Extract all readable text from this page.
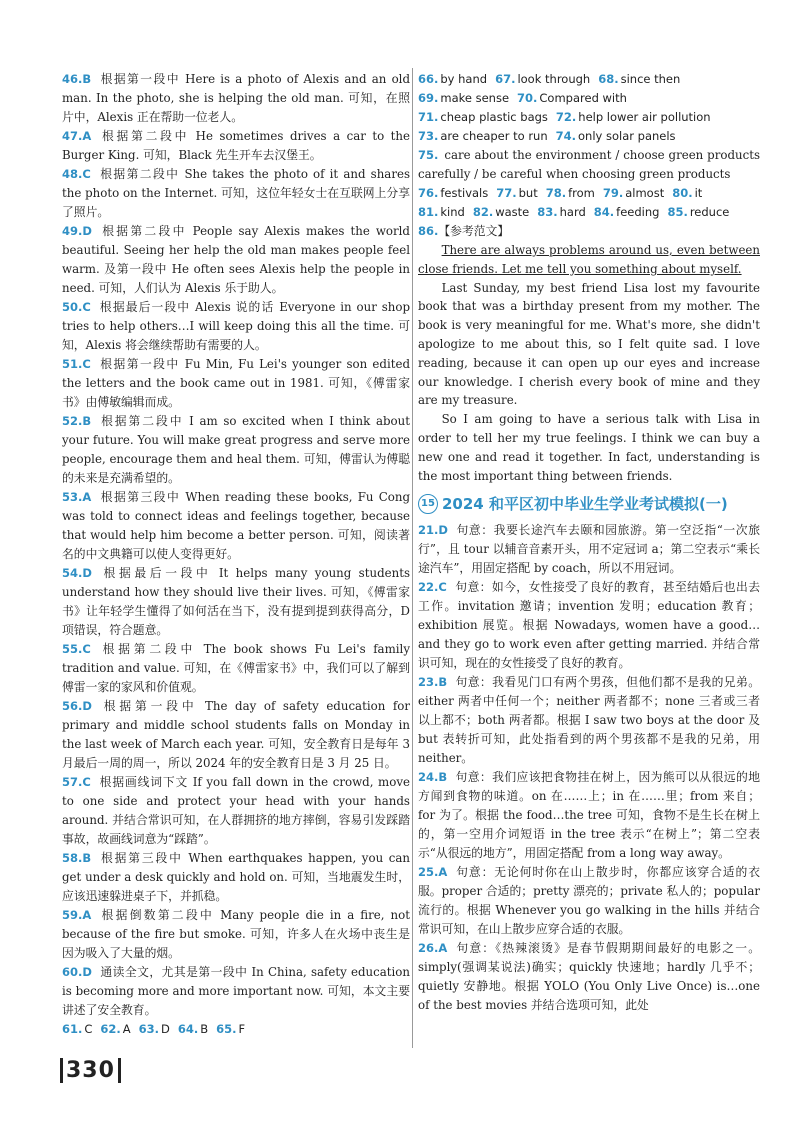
46.B 根据第一段中 Here is a photo of Alexis and an old man. In the photo, she is helping the old man. 可知，在照片中，Alexis 正在帮助一位老人。

47.A 根据第二段中 He sometimes drives a car to the Burger King. 可知，Black 先生开车去汉堡王。

48.C 根据第二段中 She takes the photo of it and shares the photo on the Internet. 可知，这位年轻女士在互联网上分享了照片。

49.D 根据第二段中 People say Alexis makes the world beautiful. Seeing her help the old man makes people feel warm. 及第一段中 He often sees Alexis help the people in need. 可知，人们认为 Alexis 乐于助人。

50.C 根据最后一段中 Alexis 说的话 Everyone in our shop tries to help others…I will keep doing this all the time. 可知，Alexis 将会继续帮助有需要的人。

51.C 根据第一段中 Fu Min, Fu Lei's younger son edited the letters and the book came out in 1981. 可知，《傅雷家书》由傅敏编辑而成。

52.B 根据第二段中 I am so excited when I think about your future. You will make great progress and serve more people, encourage them and heal them. 可知，傅雷认为傅聪的未来是充满希望的。

53.A 根据第三段中 When reading these books, Fu Cong was told to connect ideas and feelings together, because that would help him become a better person. 可知，阅读著名的中文典籍可以使人变得更好。

54.D 根据最后一段中 It helps many young students understand how they should live their lives. 可知，《傅雷家书》让年轻学生懂得了如何活在当下，没有提到提到获得高分，D项错误，符合题意。

55.C 根据第二段中 The book shows Fu Lei's family tradition and value. 可知，在《傅雷家书》中，我们可以了解到傅雷一家的家风和价值观。

56.D 根据第一段中 The day of safety education for primary and middle school students falls on Monday in the last week of March each year. 可知，安全教育日是每年 3 月最后一周的周一，所以 2024 年的安全教育日是 3 月 25 日。

57.C 根据画线词下文 If you fall down in the crowd, move to one side and protect your head with your hands around. 并结合常识可知，在人群拥挤的地方摔倒，容易引发踩踏事故，故画线词意为“踩踏”。

58.B 根据第三段中 When earthquakes happen, you can get under a desk quickly and hold on. 可知，当地震发生时，应该迅速躲进桌子下，并抓稳。

59.A 根据倒数第二段中 Many people die in a fire, not because of the fire but smoke. 可知，许多人在火场中丧生是因为吸入了大量的烟。

60.D 通读全文，尤其是第一段中 In China, safety education is becoming more and more important now. 可知，本文主要讲述了安全教育。

61. C 62. A 63. D 64. B 65. F

66. by hand 67. look through 68. since then

69. make sense 70. Compared with

71. cheap plastic bags 72. help lower air pollution

73. are cheaper to run 74. only solar panels

75. care about the environment / choose green products carefully / be careful when choosing green products

76. festivals 77. but 78. from 79. almost 80. it

81. kind 82. waste 83. hard 84. feeding 85. reduce

86.【参考范文】

There are always problems around us, even between close friends. Let me tell you something about myself.

Last Sunday, my best friend Lisa lost my favourite book that was a birthday present from my mother. The book is very meaningful for me. What's more, she didn't apologize to me about this, so I felt quite sad. I love reading, because it can open up our eyes and increase our knowledge. I cherish every book of mine and they are my treasure.

So I am going to have a serious talk with Lisa in order to tell her my true feelings. I think we can buy a new one and read it together. In fact, understanding is the most important thing between friends.

15 2024 和平区初中毕业生学业考试模拟(一)

21.D 句意：我要长途汽车去颐和园旅游。第一空泛指“一次旅行”，且 tour 以辅音音素开头，用不定冠词 a；第二空表示“乘长途汽车”，用固定搭配 by coach，所以不用冠词。

22.C 句意：如今，女性接受了良好的教育，甚至结婚后也出去工作。invitation 邀请；invention 发明；education 教育；exhibition 展览。根据 Nowadays, women have a good…and they go to work even after getting married. 并结合常识可知，现在的女性接受了良好的教育。

23.B 句意：我看见门口有两个男孩，但他们都不是我的兄弟。either 两者中任何一个；neither 两者都不；none 三者或三者以上都不；both 两者都。根据 I saw two boys at the door 及 but 表转折可知，此处指看到的两个男孩都不是我的兄弟，用 neither。

24.B 句意：我们应该把食物挂在树上，因为熊可以从很远的地方闻到食物的味道。on 在……上；in 在……里；from 来自；for 为了。根据 the food…the tree 可知，食物不是生长在树上的，第一空用介词短语 in the tree 表示“在树上”；第二空表示“从很远的地方”，用固定搭配 from a long way away。

25.A 句意：无论何时你在山上散步时，你都应该穿合适的衣服。proper 合适的；pretty 漂亮的；private 私人的；popular 流行的。根据 Whenever you go walking in the hills 并结合常识可知，在山上散步应穿合适的衣服。

26.A 句意：《热辣滚烫》是春节假期期间最好的电影之一。simply(强调某说法)确实；quickly 快速地；hardly 几乎不；quietly 安静地。根据 YOLO (You Only Live Once) is…one of the best movies 并结合选项可知，此处

330
